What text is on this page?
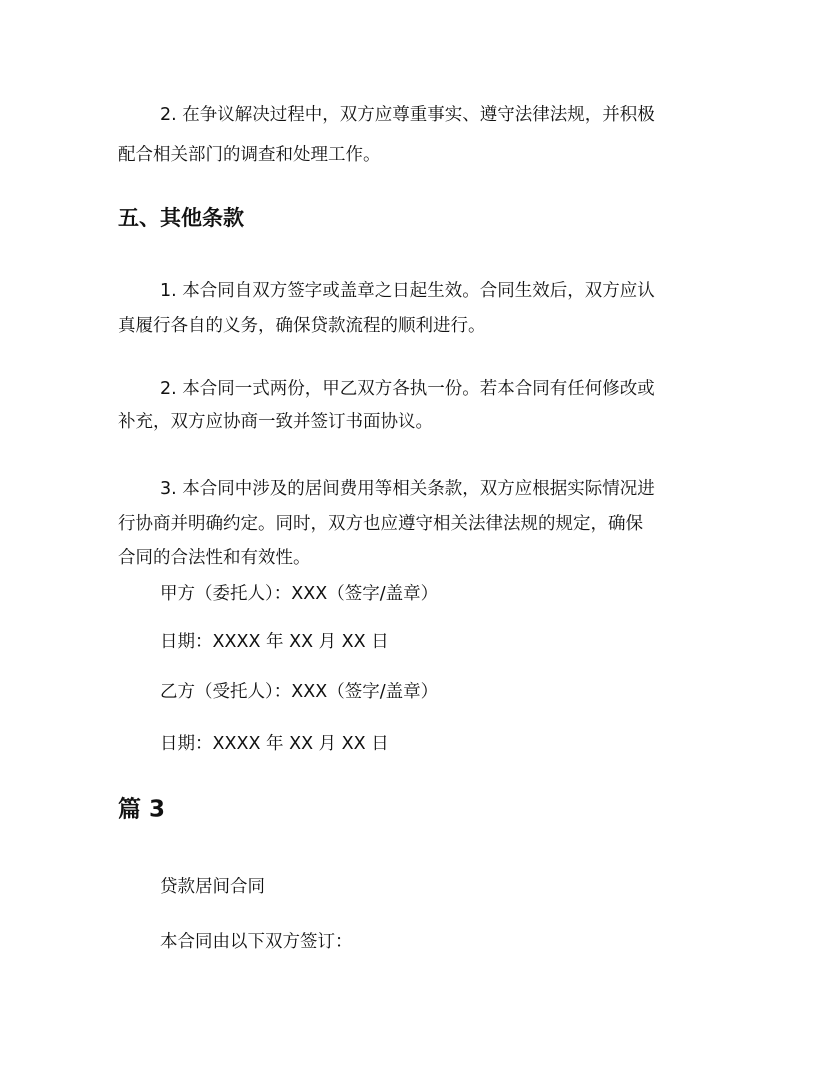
2. 在争议解决过程中，双方应尊重事实、遵守法律法规，并积极
配合相关部门的调查和处理工作。
五、其他条款
1. 本合同自双方签字或盖章之日起生效。合同生效后，双方应认
真履行各自的义务，确保贷款流程的顺利进行。
2. 本合同一式两份，甲乙双方各执一份。若本合同有任何修改或
补充，双方应协商一致并签订书面协议。
3. 本合同中涉及的居间费用等相关条款，双方应根据实际情况进
行协商并明确约定。同时，双方也应遵守相关法律法规的规定，确保
合同的合法性和有效性。
甲方（委托人）：XXX（签字/盖章）
日期：XXXX 年 XX 月 XX 日
乙方（受托人）：XXX（签字/盖章）
日期：XXXX 年 XX 月 XX 日
篇 3
贷款居间合同
本合同由以下双方签订：
